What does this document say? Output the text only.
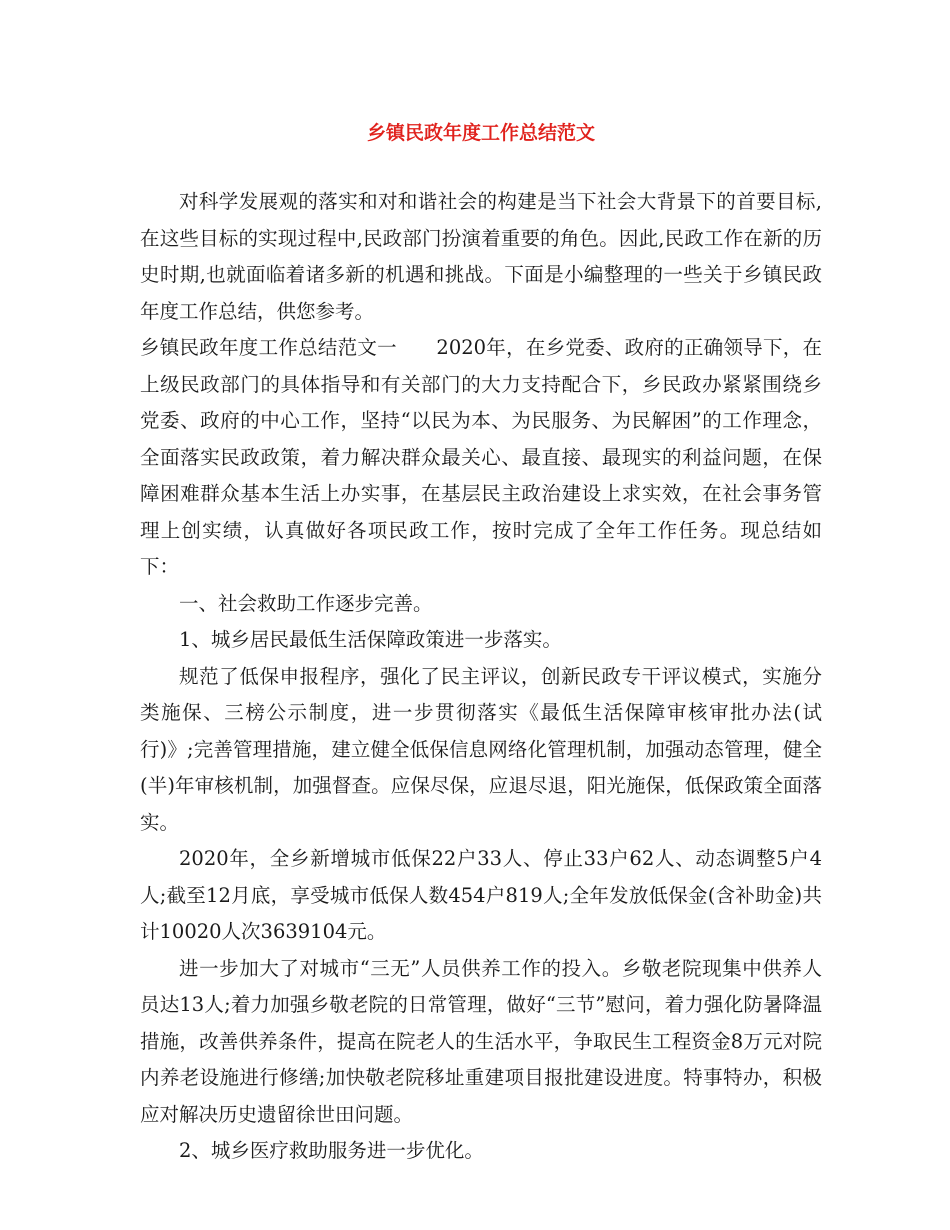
乡镇民政年度工作总结范文

对科学发展观的落实和对和谐社会的构建是当下社会大背景下的首要目标,在这些目标的实现过程中,民政部门扮演着重要的角色。因此,民政工作在新的历史时期,也就面临着诸多新的机遇和挑战。下面是小编整理的一些关于乡镇民政年度工作总结，供您参考。

乡镇民政年度工作总结范文一　　2020年，在乡党委、政府的正确领导下，在上级民政部门的具体指导和有关部门的大力支持配合下，乡民政办紧紧围绕乡党委、政府的中心工作，坚持“以民为本、为民服务、为民解困”的工作理念，全面落实民政政策，着力解决群众最关心、最直接、最现实的利益问题，在保障困难群众基本生活上办实事，在基层民主政治建设上求实效，在社会事务管理上创实绩，认真做好各项民政工作，按时完成了全年工作任务。现总结如下：

一、社会救助工作逐步完善。

1、城乡居民最低生活保障政策进一步落实。

规范了低保申报程序，强化了民主评议，创新民政专干评议模式，实施分类施保、三榜公示制度，进一步贯彻落实《最低生活保障审核审批办法(试行)》;完善管理措施，建立健全低保信息网络化管理机制，加强动态管理，健全(半)年审核机制，加强督查。应保尽保，应退尽退，阳光施保，低保政策全面落实。

2020年，全乡新增城市低保22户33人、停止33户62人、动态调整5户4人;截至12月底，享受城市低保人数454户819人;全年发放低保金(含补助金)共计10020人次3639104元。

进一步加大了对城市“三无”人员供养工作的投入。乡敬老院现集中供养人员达13人;着力加强乡敬老院的日常管理，做好“三节”慰问，着力强化防暑降温措施，改善供养条件，提高在院老人的生活水平，争取民生工程资金8万元对院内养老设施进行修缮;加快敬老院移址重建项目报批建设进度。特事特办，积极应对解决历史遗留徐世田问题。

2、城乡医疗救助服务进一步优化。
